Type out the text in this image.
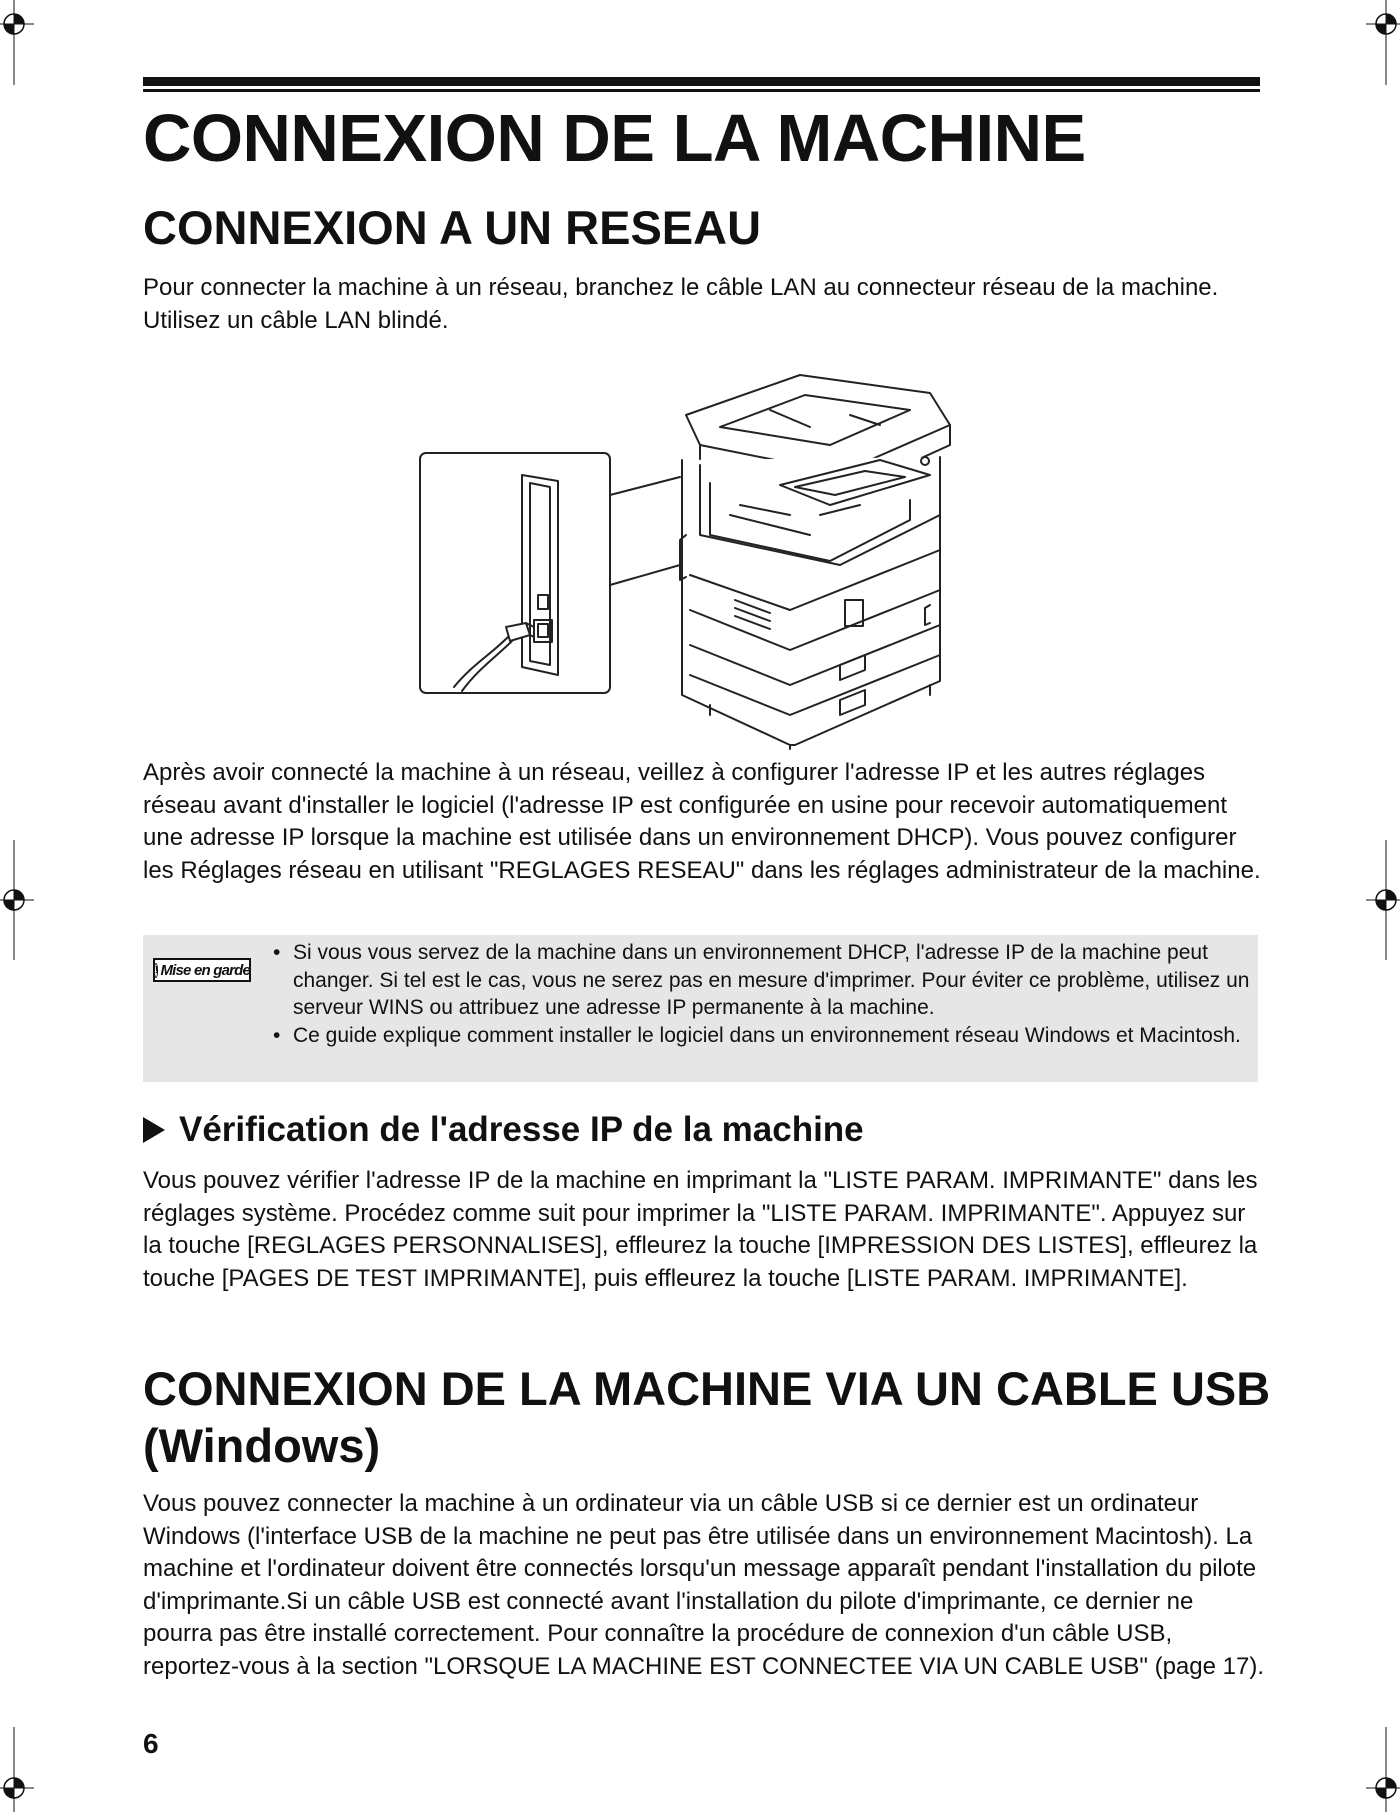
CONNEXION DE LA MACHINE
CONNEXION A UN RESEAU
Pour connecter la machine à un réseau, branchez le câble LAN au connecteur réseau de la machine. Utilisez un câble LAN blindé.
Après avoir connecté la machine à un réseau, veillez à configurer l'adresse IP et les autres réglages réseau avant d'installer le logiciel (l'adresse IP est configurée en usine pour recevoir automatiquement une adresse IP lorsque la machine est utilisée dans un environnement DHCP). Vous pouvez configurer les Réglages réseau en utilisant "REGLAGES RESEAU" dans les réglages administrateur de la machine.
! Mise en garde
• Si vous vous servez de la machine dans un environnement DHCP, l'adresse IP de la machine peut changer. Si tel est le cas, vous ne serez pas en mesure d'imprimer. Pour éviter ce problème, utilisez un serveur WINS ou attribuez une adresse IP permanente à la machine.
• Ce guide explique comment installer le logiciel dans un environnement réseau Windows et Macintosh.
Vérification de l'adresse IP de la machine
Vous pouvez vérifier l'adresse IP de la machine en imprimant la "LISTE PARAM. IMPRIMANTE" dans les réglages système. Procédez comme suit pour imprimer la "LISTE PARAM. IMPRIMANTE". Appuyez sur la touche [REGLAGES PERSONNALISES], effleurez la touche [IMPRESSION DES LISTES], effleurez la touche [PAGES DE TEST IMPRIMANTE], puis effleurez la touche [LISTE PARAM. IMPRIMANTE].
CONNEXION DE LA MACHINE VIA UN CABLE USB (Windows)
Vous pouvez connecter la machine à un ordinateur via un câble USB si ce dernier est un ordinateur Windows (l'interface USB de la machine ne peut pas être utilisée dans un environnement Macintosh). La machine et l'ordinateur doivent être connectés lorsqu'un message apparaît pendant l'installation du pilote d'imprimante.Si un câble USB est connecté avant l'installation du pilote d'imprimante, ce dernier ne pourra pas être installé correctement. Pour connaître la procédure de connexion d'un câble USB, reportez-vous à la section "LORSQUE LA MACHINE EST CONNECTEE VIA UN CABLE USB" (page 17).
6
